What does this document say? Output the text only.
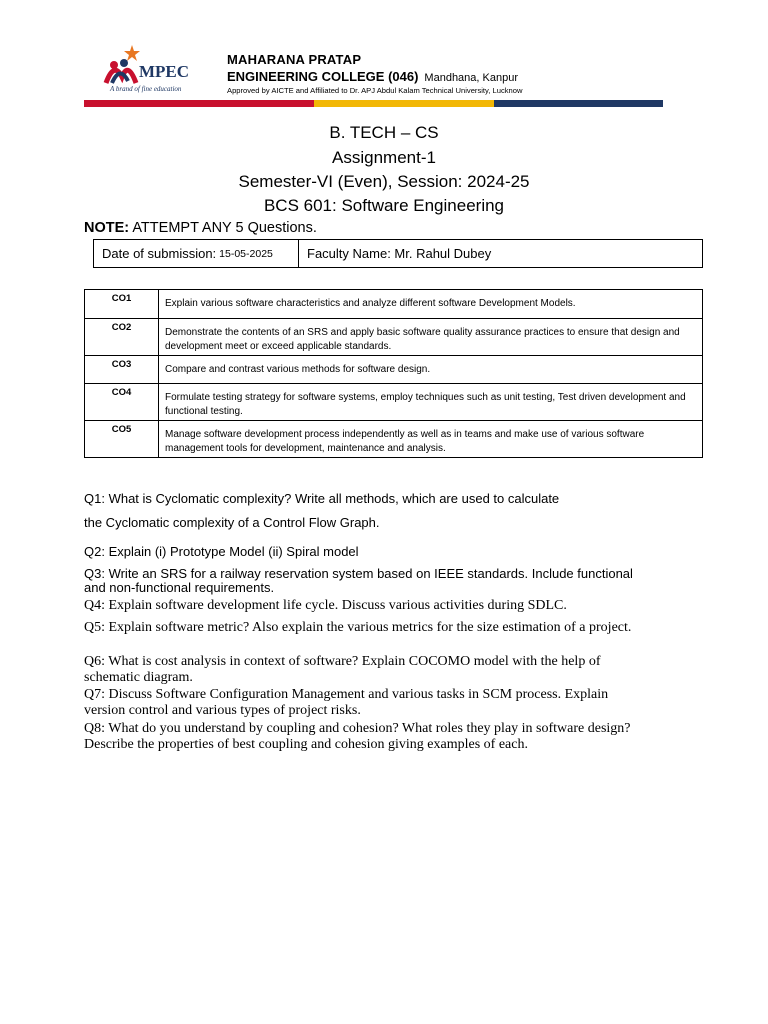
MPEC
A brand of fine education
MAHARANA PRATAP
ENGINEERING COLLEGE (046) Mandhana, Kanpur
Approved by AICTE and Affiliated to Dr. APJ Abdul Kalam Technical University, Lucknow
B. TECH – CS
Assignment-1
Semester-VI (Even), Session: 2024-25
BCS 601: Software Engineering
NOTE: ATTEMPT ANY 5 Questions.
Date of submission: 15-05-2025	Faculty Name: Mr. Rahul Dubey
CO1	Explain various software characteristics and analyze different software Development Models.
CO2	Demonstrate the contents of an SRS and apply basic software quality assurance practices to ensure that design and development meet or exceed applicable standards.
CO3	Compare and contrast various methods for software design.
CO4	Formulate testing strategy for software systems, employ techniques such as unit testing, Test driven development and functional testing.
CO5	Manage software development process independently as well as in teams and make use of various software management tools for development, maintenance and analysis.
Q1: What is Cyclomatic complexity? Write all methods, which are used to calculate
the Cyclomatic complexity of a Control Flow Graph.
Q2: Explain (i) Prototype Model (ii) Spiral model
Q3: Write an SRS for a railway reservation system based on IEEE standards. Include functional and non-functional requirements.
Q4: Explain software development life cycle. Discuss various activities during SDLC.
Q5: Explain software metric? Also explain the various metrics for the size estimation of a project.
Q6: What is cost analysis in context of software? Explain COCOMO model with the help of schematic diagram.
Q7: Discuss Software Configuration Management and various tasks in SCM process. Explain version control and various types of project risks.
Q8: What do you understand by coupling and cohesion? What roles they play in software design? Describe the properties of best coupling and cohesion giving examples of each.
